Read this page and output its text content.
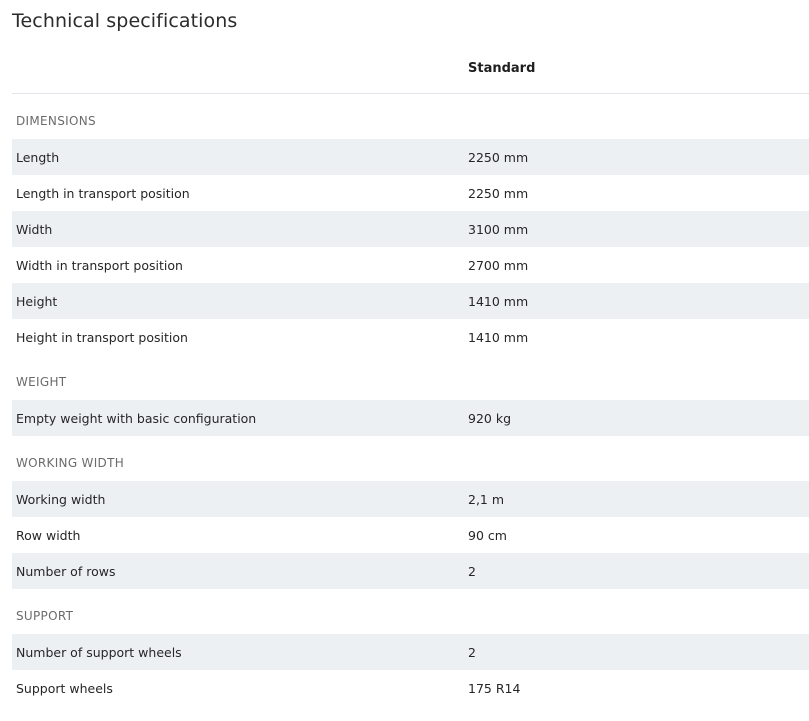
Technical specifications
Standard
DIMENSIONS
Length	2250 mm
Length in transport position	2250 mm
Width	3100 mm
Width in transport position	2700 mm
Height	1410 mm
Height in transport position	1410 mm
WEIGHT
Empty weight with basic configuration	920 kg
WORKING WIDTH
Working width	2,1 m
Row width	90 cm
Number of rows	2
SUPPORT
Number of support wheels	2
Support wheels	175 R14
